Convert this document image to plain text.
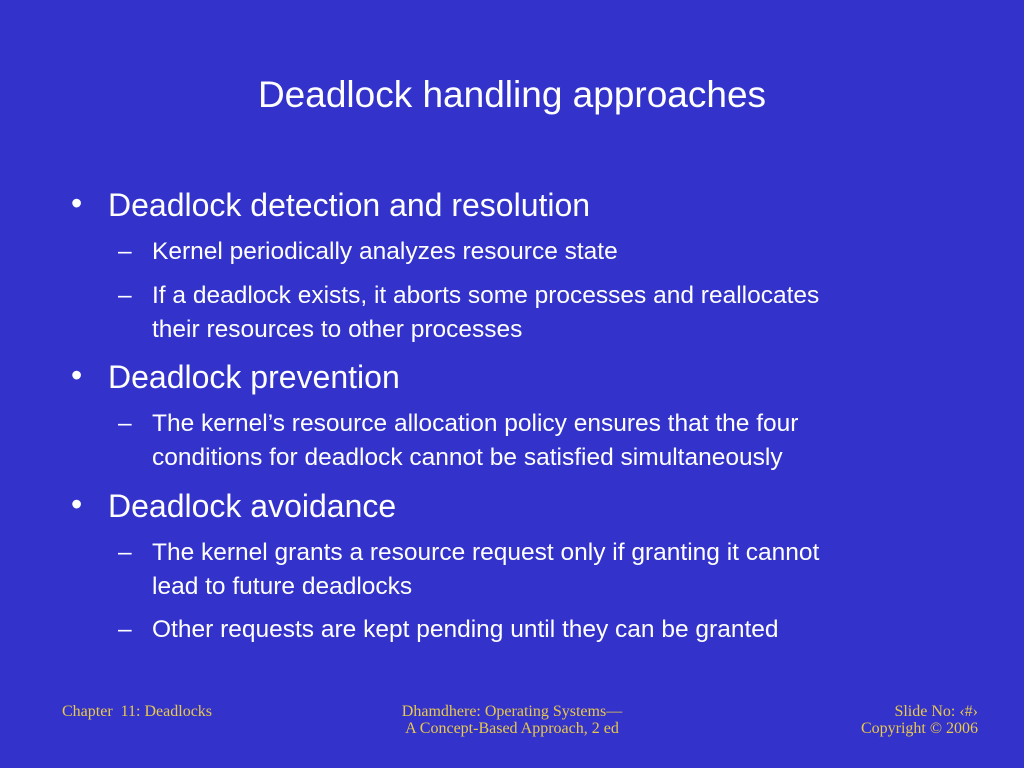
Deadlock handling approaches
• Deadlock detection and resolution
– Kernel periodically analyzes resource state
– If a deadlock exists, it aborts some processes and reallocates
their resources to other processes
• Deadlock prevention
– The kernel’s resource allocation policy ensures that the four
conditions for deadlock cannot be satisfied simultaneously
• Deadlock avoidance
– The kernel grants a resource request only if granting it cannot
lead to future deadlocks
– Other requests are kept pending until they can be granted
Chapter  11: Deadlocks	Dhamdhere: Operating Systems—
A Concept-Based Approach, 2 ed
Slide No: ‹#›
Copyright © 2006
